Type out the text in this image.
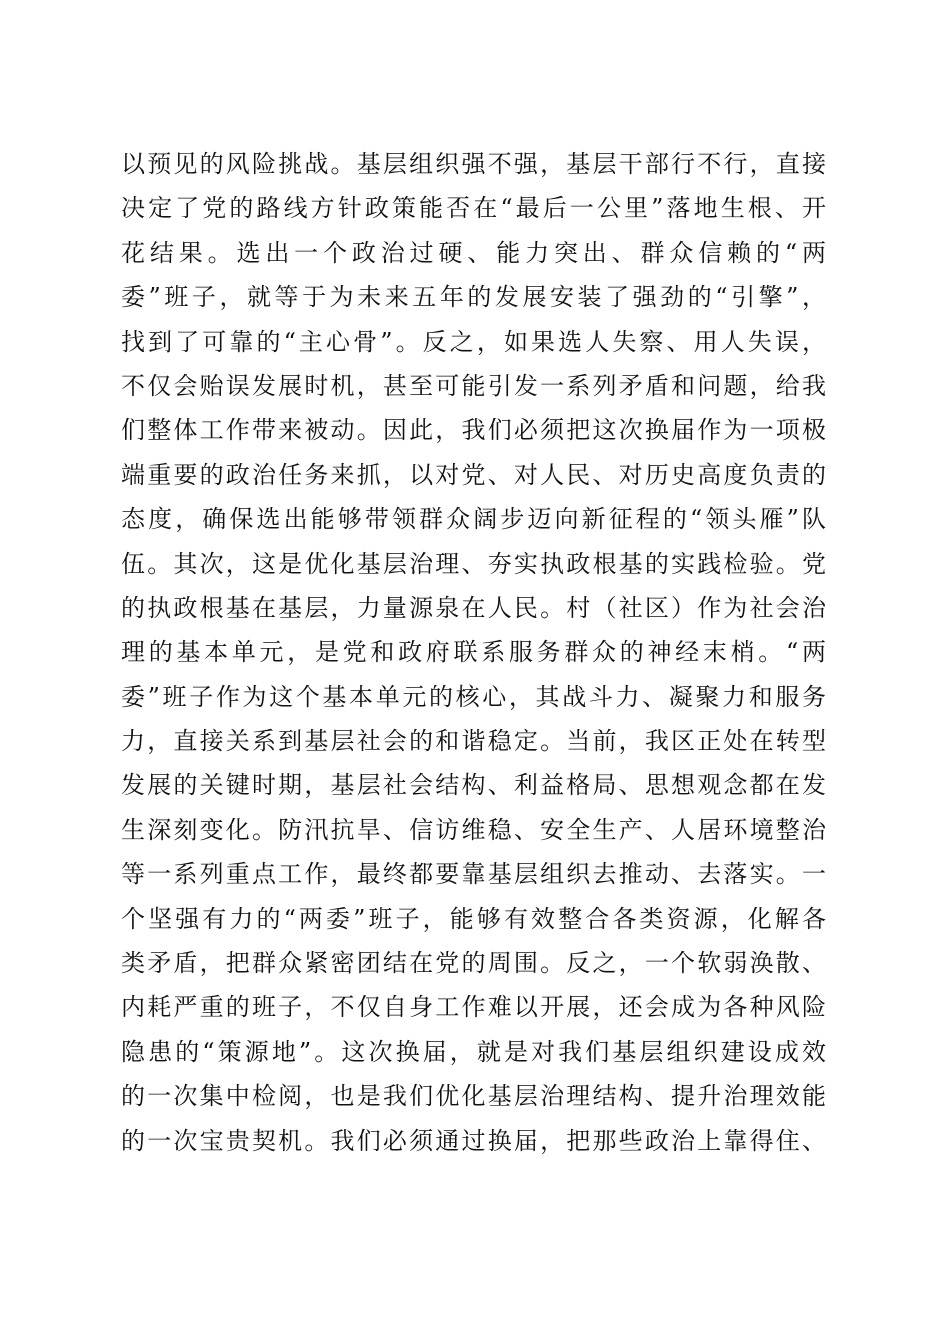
以预见的风险挑战。基层组织强不强，基层干部行不行，直接
决定了党的路线方针政策能否在“最后一公里”落地生根、开
花结果。选出一个政治过硬、能力突出、群众信赖的“两
委”班子，就等于为未来五年的发展安装了强劲的“引擎”，
找到了可靠的“主心骨”。反之，如果选人失察、用人失误，
不仅会贻误发展时机，甚至可能引发一系列矛盾和问题，给我
们整体工作带来被动。因此，我们必须把这次换届作为一项极
端重要的政治任务来抓，以对党、对人民、对历史高度负责的
态度，确保选出能够带领群众阔步迈向新征程的“领头雁”队
伍。其次，这是优化基层治理、夯实执政根基的实践检验。党
的执政根基在基层，力量源泉在人民。村（社区）作为社会治
理的基本单元，是党和政府联系服务群众的神经末梢。“两
委”班子作为这个基本单元的核心，其战斗力、凝聚力和服务
力，直接关系到基层社会的和谐稳定。当前，我区正处在转型
发展的关键时期，基层社会结构、利益格局、思想观念都在发
生深刻变化。防汛抗旱、信访维稳、安全生产、人居环境整治
等一系列重点工作，最终都要靠基层组织去推动、去落实。一
个坚强有力的“两委”班子，能够有效整合各类资源，化解各
类矛盾，把群众紧密团结在党的周围。反之，一个软弱涣散、
内耗严重的班子，不仅自身工作难以开展，还会成为各种风险
隐患的“策源地”。这次换届，就是对我们基层组织建设成效
的一次集中检阅，也是我们优化基层治理结构、提升治理效能
的一次宝贵契机。我们必须通过换届，把那些政治上靠得住、
